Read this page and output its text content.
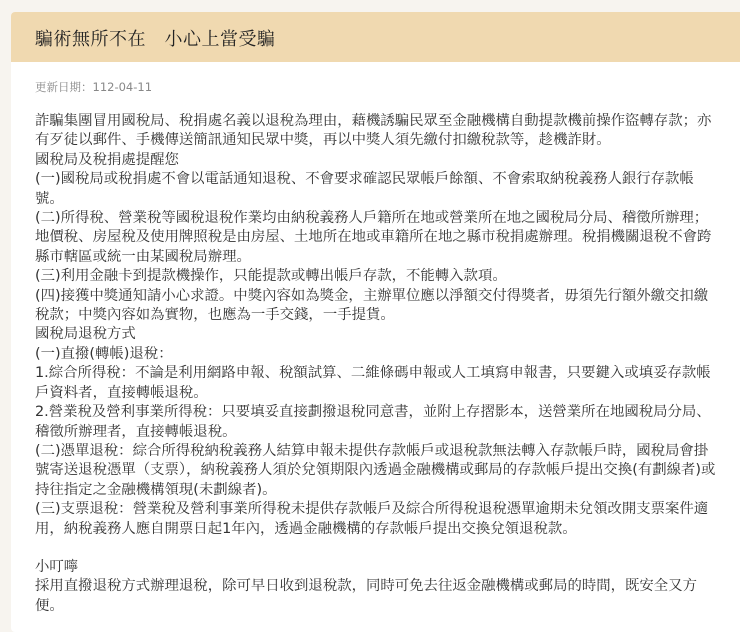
騙術無所不在　小心上當受騙
更新日期：112-04-11

詐騙集團冒用國稅局、稅捐處名義以退稅為理由，藉機誘騙民眾至金融機構自動提款機前操作盜轉存款；亦有歹徒以郵件、手機傳送簡訊通知民眾中獎，再以中獎人須先繳付扣繳稅款等，趁機詐財。

國稅局及稅捐處提醒您

(一)國稅局或稅捐處不會以電話通知退稅、不會要求確認民眾帳戶餘額、不會索取納稅義務人銀行存款帳號。

(二)所得稅、營業稅等國稅退稅作業均由納稅義務人戶籍所在地或營業所在地之國稅局分局、稽徵所辦理；地價稅、房屋稅及使用牌照稅是由房屋、土地所在地或車籍所在地之縣市稅捐處辦理。稅捐機關退稅不會跨縣市轄區或統一由某國稅局辦理。

(三)利用金融卡到提款機操作，只能提款或轉出帳戶存款，不能轉入款項。

(四)接獲中獎通知請小心求證。中獎內容如為獎金，主辦單位應以淨額交付得獎者，毋須先行額外繳交扣繳稅款；中獎內容如為實物，也應為一手交錢，一手提貨。

國稅局退稅方式

(一)直撥(轉帳)退稅：

1.綜合所得稅：不論是利用網路申報、稅額試算、二維條碼申報或人工填寫申報書，只要鍵入或填妥存款帳戶資料者，直接轉帳退稅。

2.營業稅及營利事業所得稅：只要填妥直接劃撥退稅同意書，並附上存摺影本，送營業所在地國稅局分局、稽徵所辦理者，直接轉帳退稅。

(二)憑單退稅：綜合所得稅納稅義務人結算申報未提供存款帳戶或退稅款無法轉入存款帳戶時，國稅局會掛號寄送退稅憑單（支票），納稅義務人須於兌領期限內透過金融機構或郵局的存款帳戶提出交換(有劃線者)或持往指定之金融機構領現(未劃線者)。

(三)支票退稅：營業稅及營利事業所得稅未提供存款帳戶及綜合所得稅退稅憑單逾期未兌領改開支票案件適用，納稅義務人應自開票日起1年內，透過金融機構的存款帳戶提出交換兌領退稅款。

小叮嚀

採用直撥退稅方式辦理退稅，除可早日收到退稅款，同時可免去往返金融機構或郵局的時間，既安全又方便。
